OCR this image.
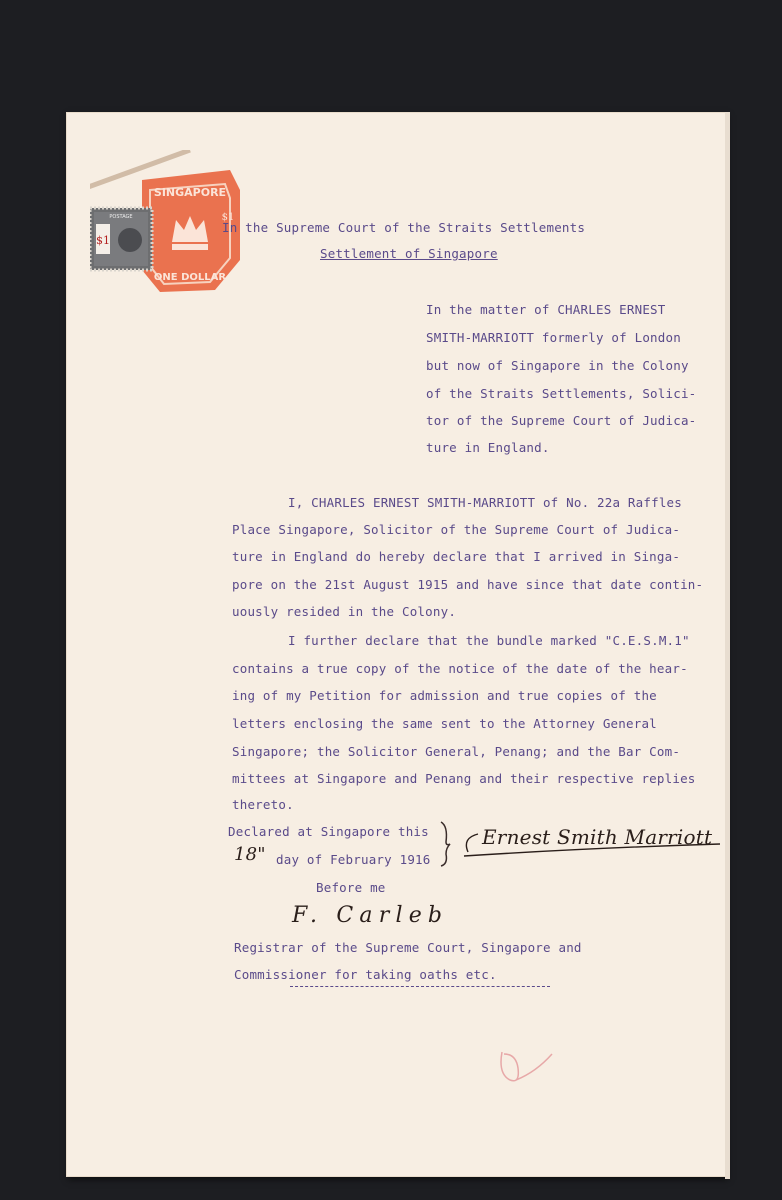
SINGAPORE
ONE DOLLAR
$1
$1
POSTAGE
In the Supreme Court of the Straits Settlements
Settlement of Singapore
In the matter of CHARLES ERNEST
SMITH-MARRIOTT formerly of London
but now of Singapore in the Colony
of the Straits Settlements, Solici-
tor of the Supreme Court of Judica-
ture in England.
I, CHARLES ERNEST SMITH-MARRIOTT of No. 22a Raffles
Place Singapore, Solicitor of the Supreme Court of Judica-
ture in England do hereby declare that I arrived in Singa-
pore on the 21st August 1915 and have since that date contin-
uously resided in the Colony.
I further declare that the bundle marked "C.E.S.M.1"
contains a true copy of the notice of the date of the hear-
ing of my Petition for admission and true copies of the
letters enclosing the same sent to the Attorney General
Singapore; the Solicitor General, Penang; and the Bar Com-
mittees at Singapore and Penang and their respective replies
thereto.
Declared at Singapore this
18" day of February 1916
Ernest Smith Marriott
Before me
F. Carleb
Registrar of the Supreme Court, Singapore and
Commissioner for taking oaths etc.
